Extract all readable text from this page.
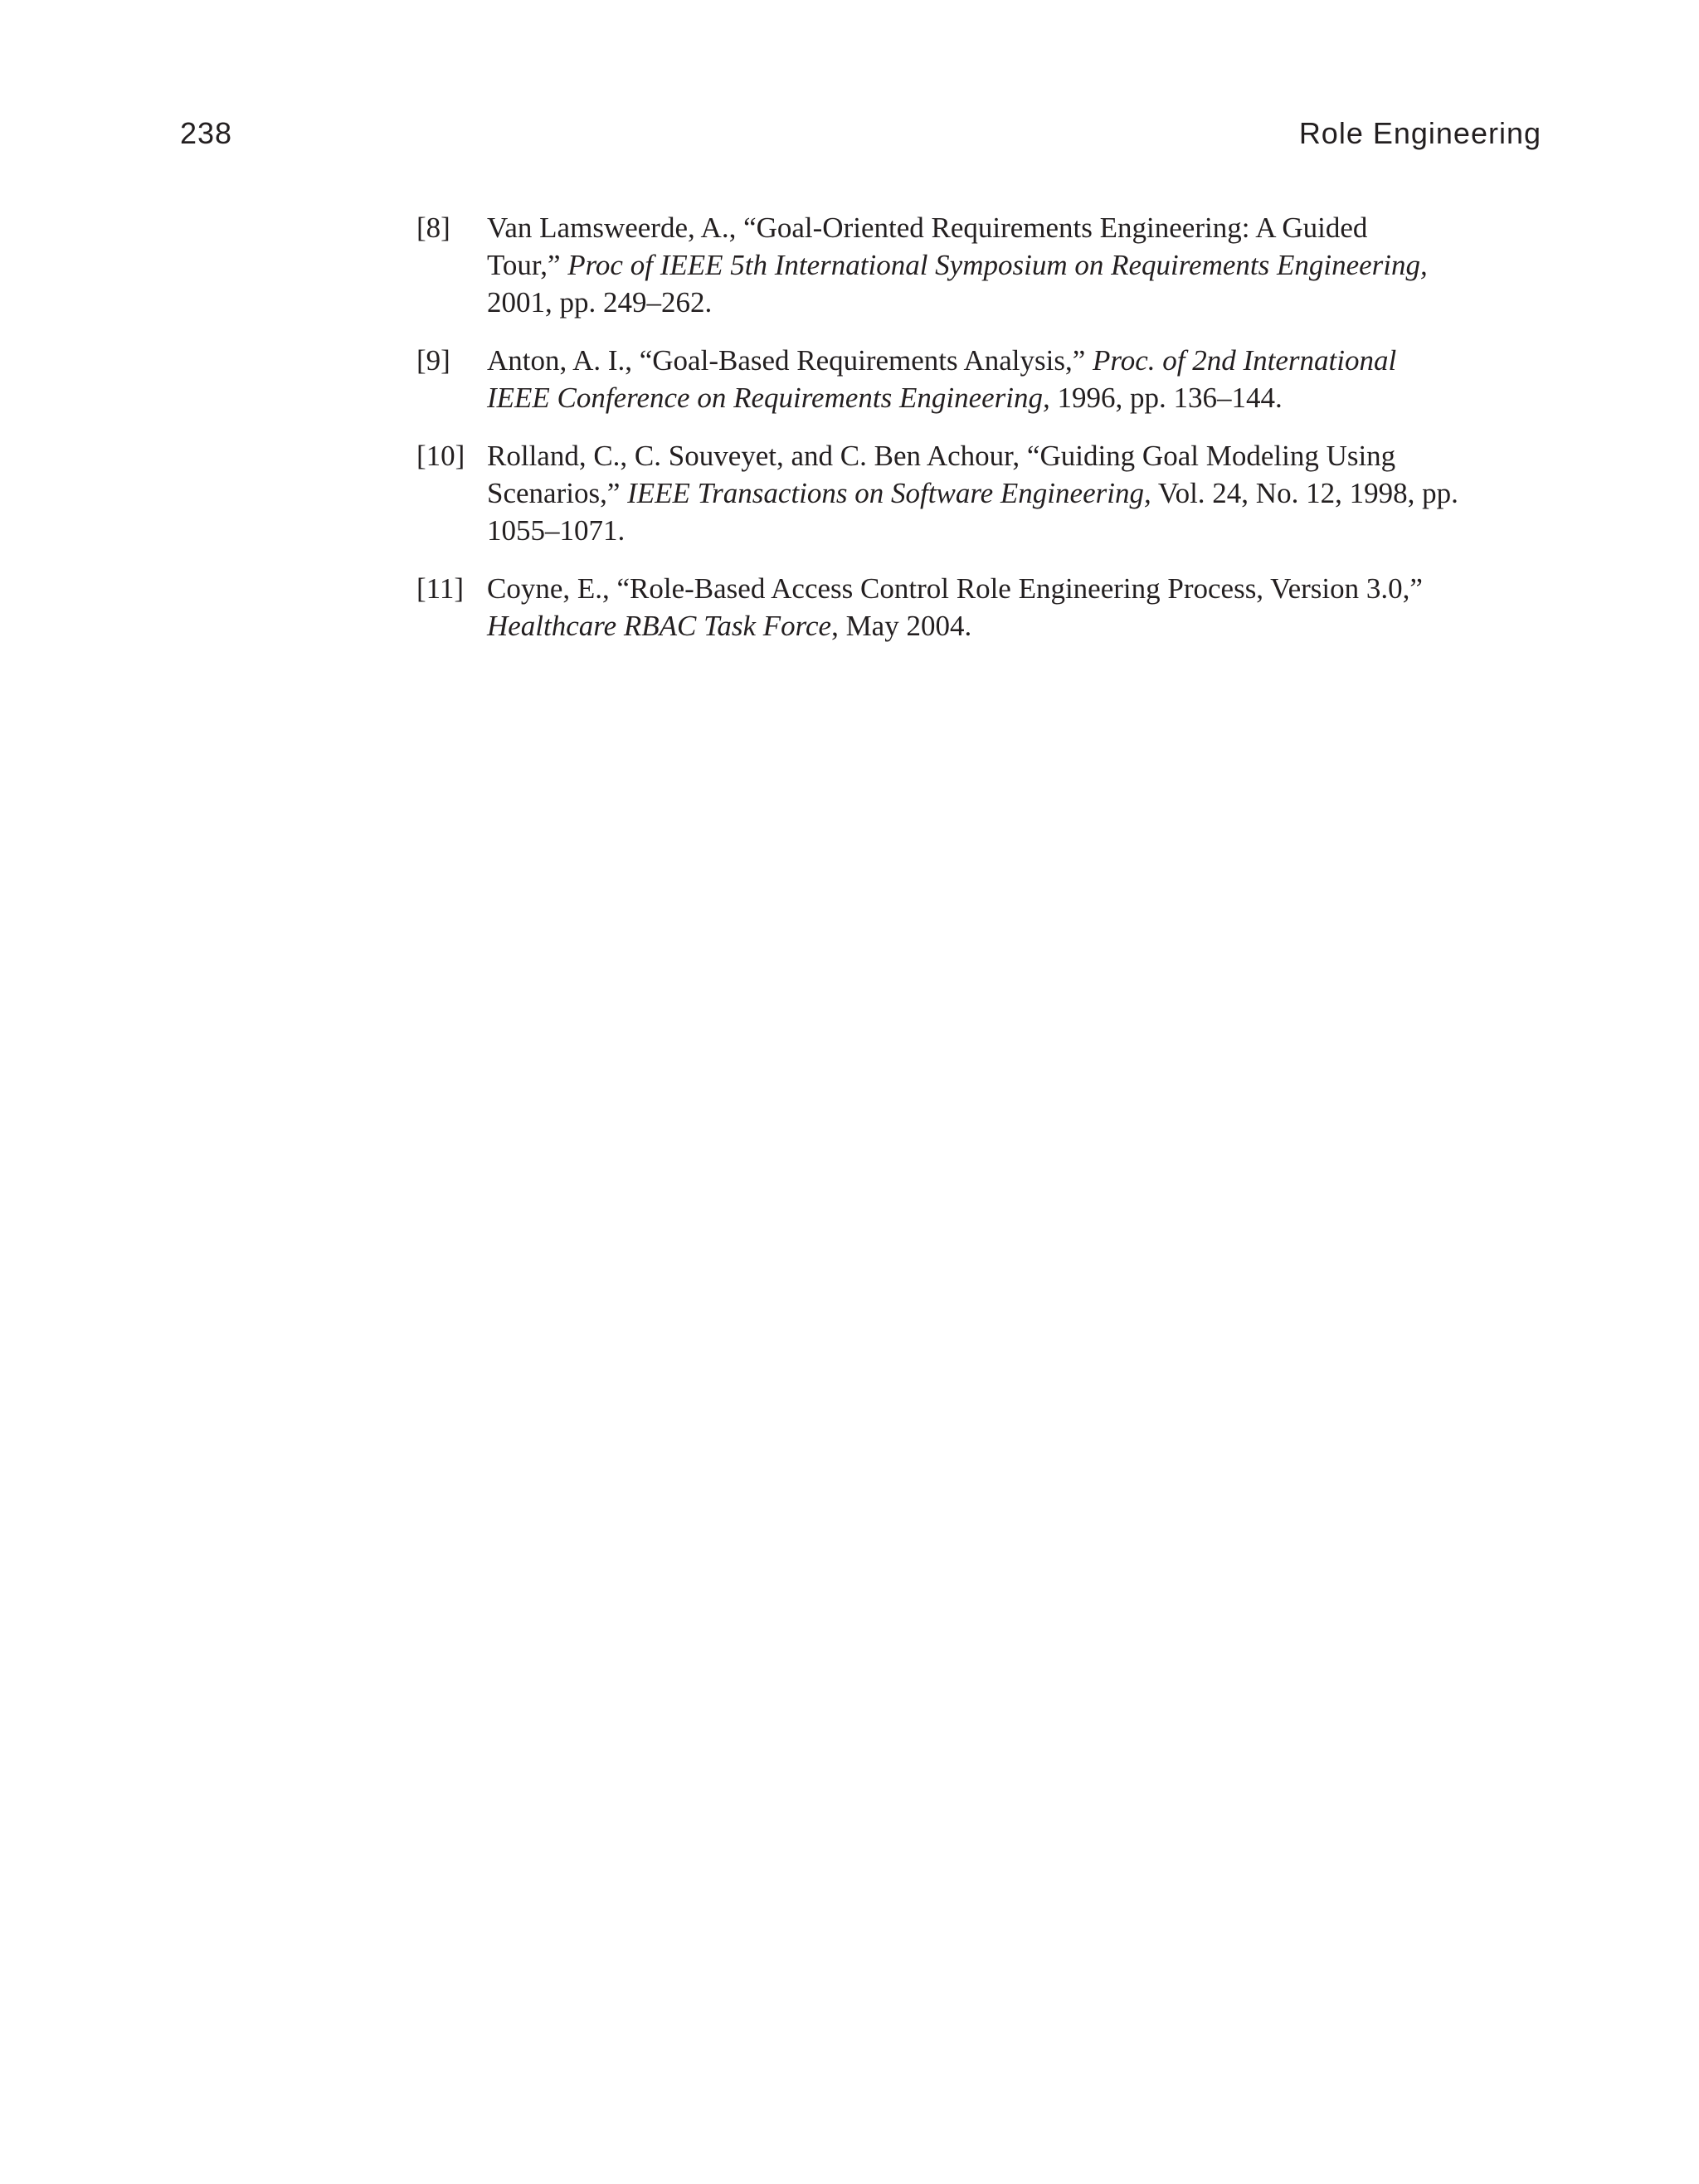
238	Role Engineering
[8] Van Lamsweerde, A., “Goal-Oriented Requirements Engineering: A Guided
Tour,” Proc of IEEE 5th International Symposium on Requirements Engineering,
2001, pp. 249–262.
[9] Anton, A. I., “Goal-Based Requirements Analysis,” Proc. of 2nd International
IEEE Conference on Requirements Engineering, 1996, pp. 136–144.
[10] Rolland, C., C. Souveyet, and C. Ben Achour, “Guiding Goal Modeling Using
Scenarios,” IEEE Transactions on Software Engineering, Vol. 24, No. 12, 1998, pp.
1055–1071.
[11] Coyne, E., “Role-Based Access Control Role Engineering Process, Version 3.0,”
Healthcare RBAC Task Force, May 2004.
